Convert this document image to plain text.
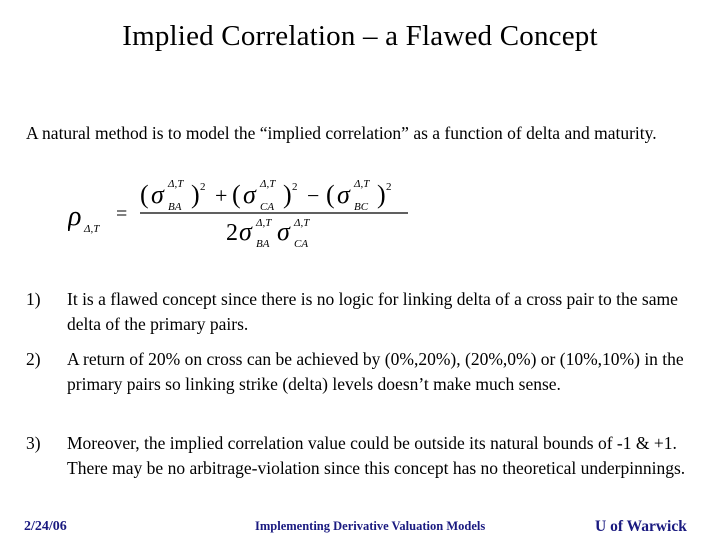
Implied Correlation – a Flawed Concept
A natural method is to model the “implied correlation” as a function of delta and maturity.
ρ Δ,T
=
( σ Δ,T
BA ) 2 + ( σ Δ,T
CA ) 2 − ( σ Δ,T
BC ) 2
2 σ Δ,T
BA σ Δ,T
CA
1) It is a flawed concept since there is no logic for linking delta of a cross pair to the same delta of the primary pairs.
2) A return of 20% on cross can be achieved by (0%,20%), (20%,0%) or (10%,10%) in the primary pairs so linking strike (delta) levels doesn’t make much sense.
3) Moreover, the implied correlation value could be outside its natural bounds of -1 & +1. There may be no arbitrage-violation since this concept has no theoretical underpinnings.
2/24/06	Implementing Derivative Valuation Models	U of Warwick
